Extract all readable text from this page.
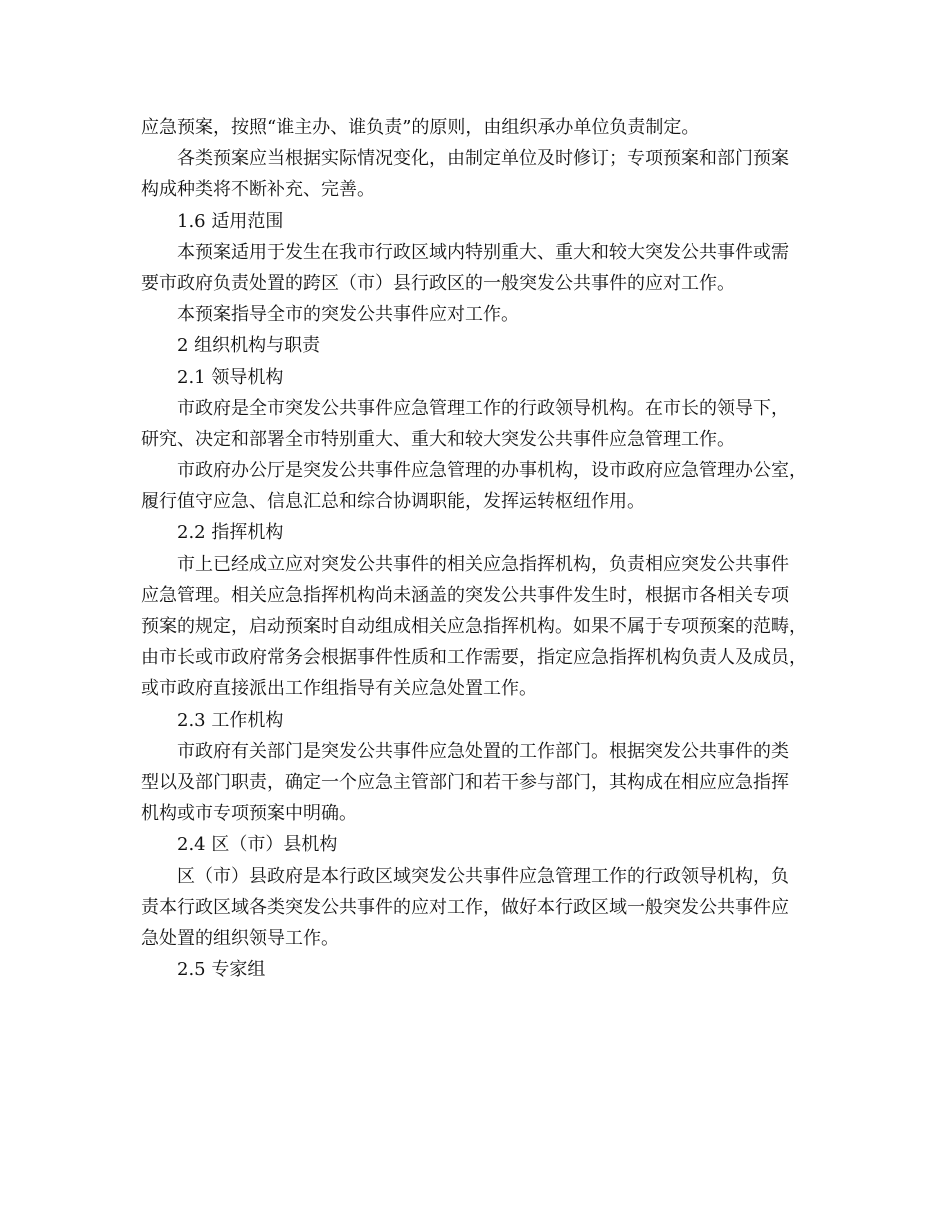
应急预案，按照“谁主办、谁负责”的原则，由组织承办单位负责制定。
各类预案应当根据实际情况变化，由制定单位及时修订；专项预案和部门预案
构成种类将不断补充、完善。
1.6 适用范围
本预案适用于发生在我市行政区域内特别重大、重大和较大突发公共事件或需
要市政府负责处置的跨区（市）县行政区的一般突发公共事件的应对工作。
本预案指导全市的突发公共事件应对工作。
2 组织机构与职责
2.1 领导机构
市政府是全市突发公共事件应急管理工作的行政领导机构。在市长的领导下，
研究、决定和部署全市特别重大、重大和较大突发公共事件应急管理工作。
市政府办公厅是突发公共事件应急管理的办事机构，设市政府应急管理办公室，
履行值守应急、信息汇总和综合协调职能，发挥运转枢纽作用。
2.2 指挥机构
市上已经成立应对突发公共事件的相关应急指挥机构，负责相应突发公共事件
应急管理。相关应急指挥机构尚未涵盖的突发公共事件发生时，根据市各相关专项
预案的规定，启动预案时自动组成相关应急指挥机构。如果不属于专项预案的范畴，
由市长或市政府常务会根据事件性质和工作需要，指定应急指挥机构负责人及成员，
或市政府直接派出工作组指导有关应急处置工作。
2.3 工作机构
市政府有关部门是突发公共事件应急处置的工作部门。根据突发公共事件的类
型以及部门职责，确定一个应急主管部门和若干参与部门，其构成在相应应急指挥
机构或市专项预案中明确。
2.4 区（市）县机构
区（市）县政府是本行政区域突发公共事件应急管理工作的行政领导机构，负
责本行政区域各类突发公共事件的应对工作，做好本行政区域一般突发公共事件应
急处置的组织领导工作。
2.5 专家组
